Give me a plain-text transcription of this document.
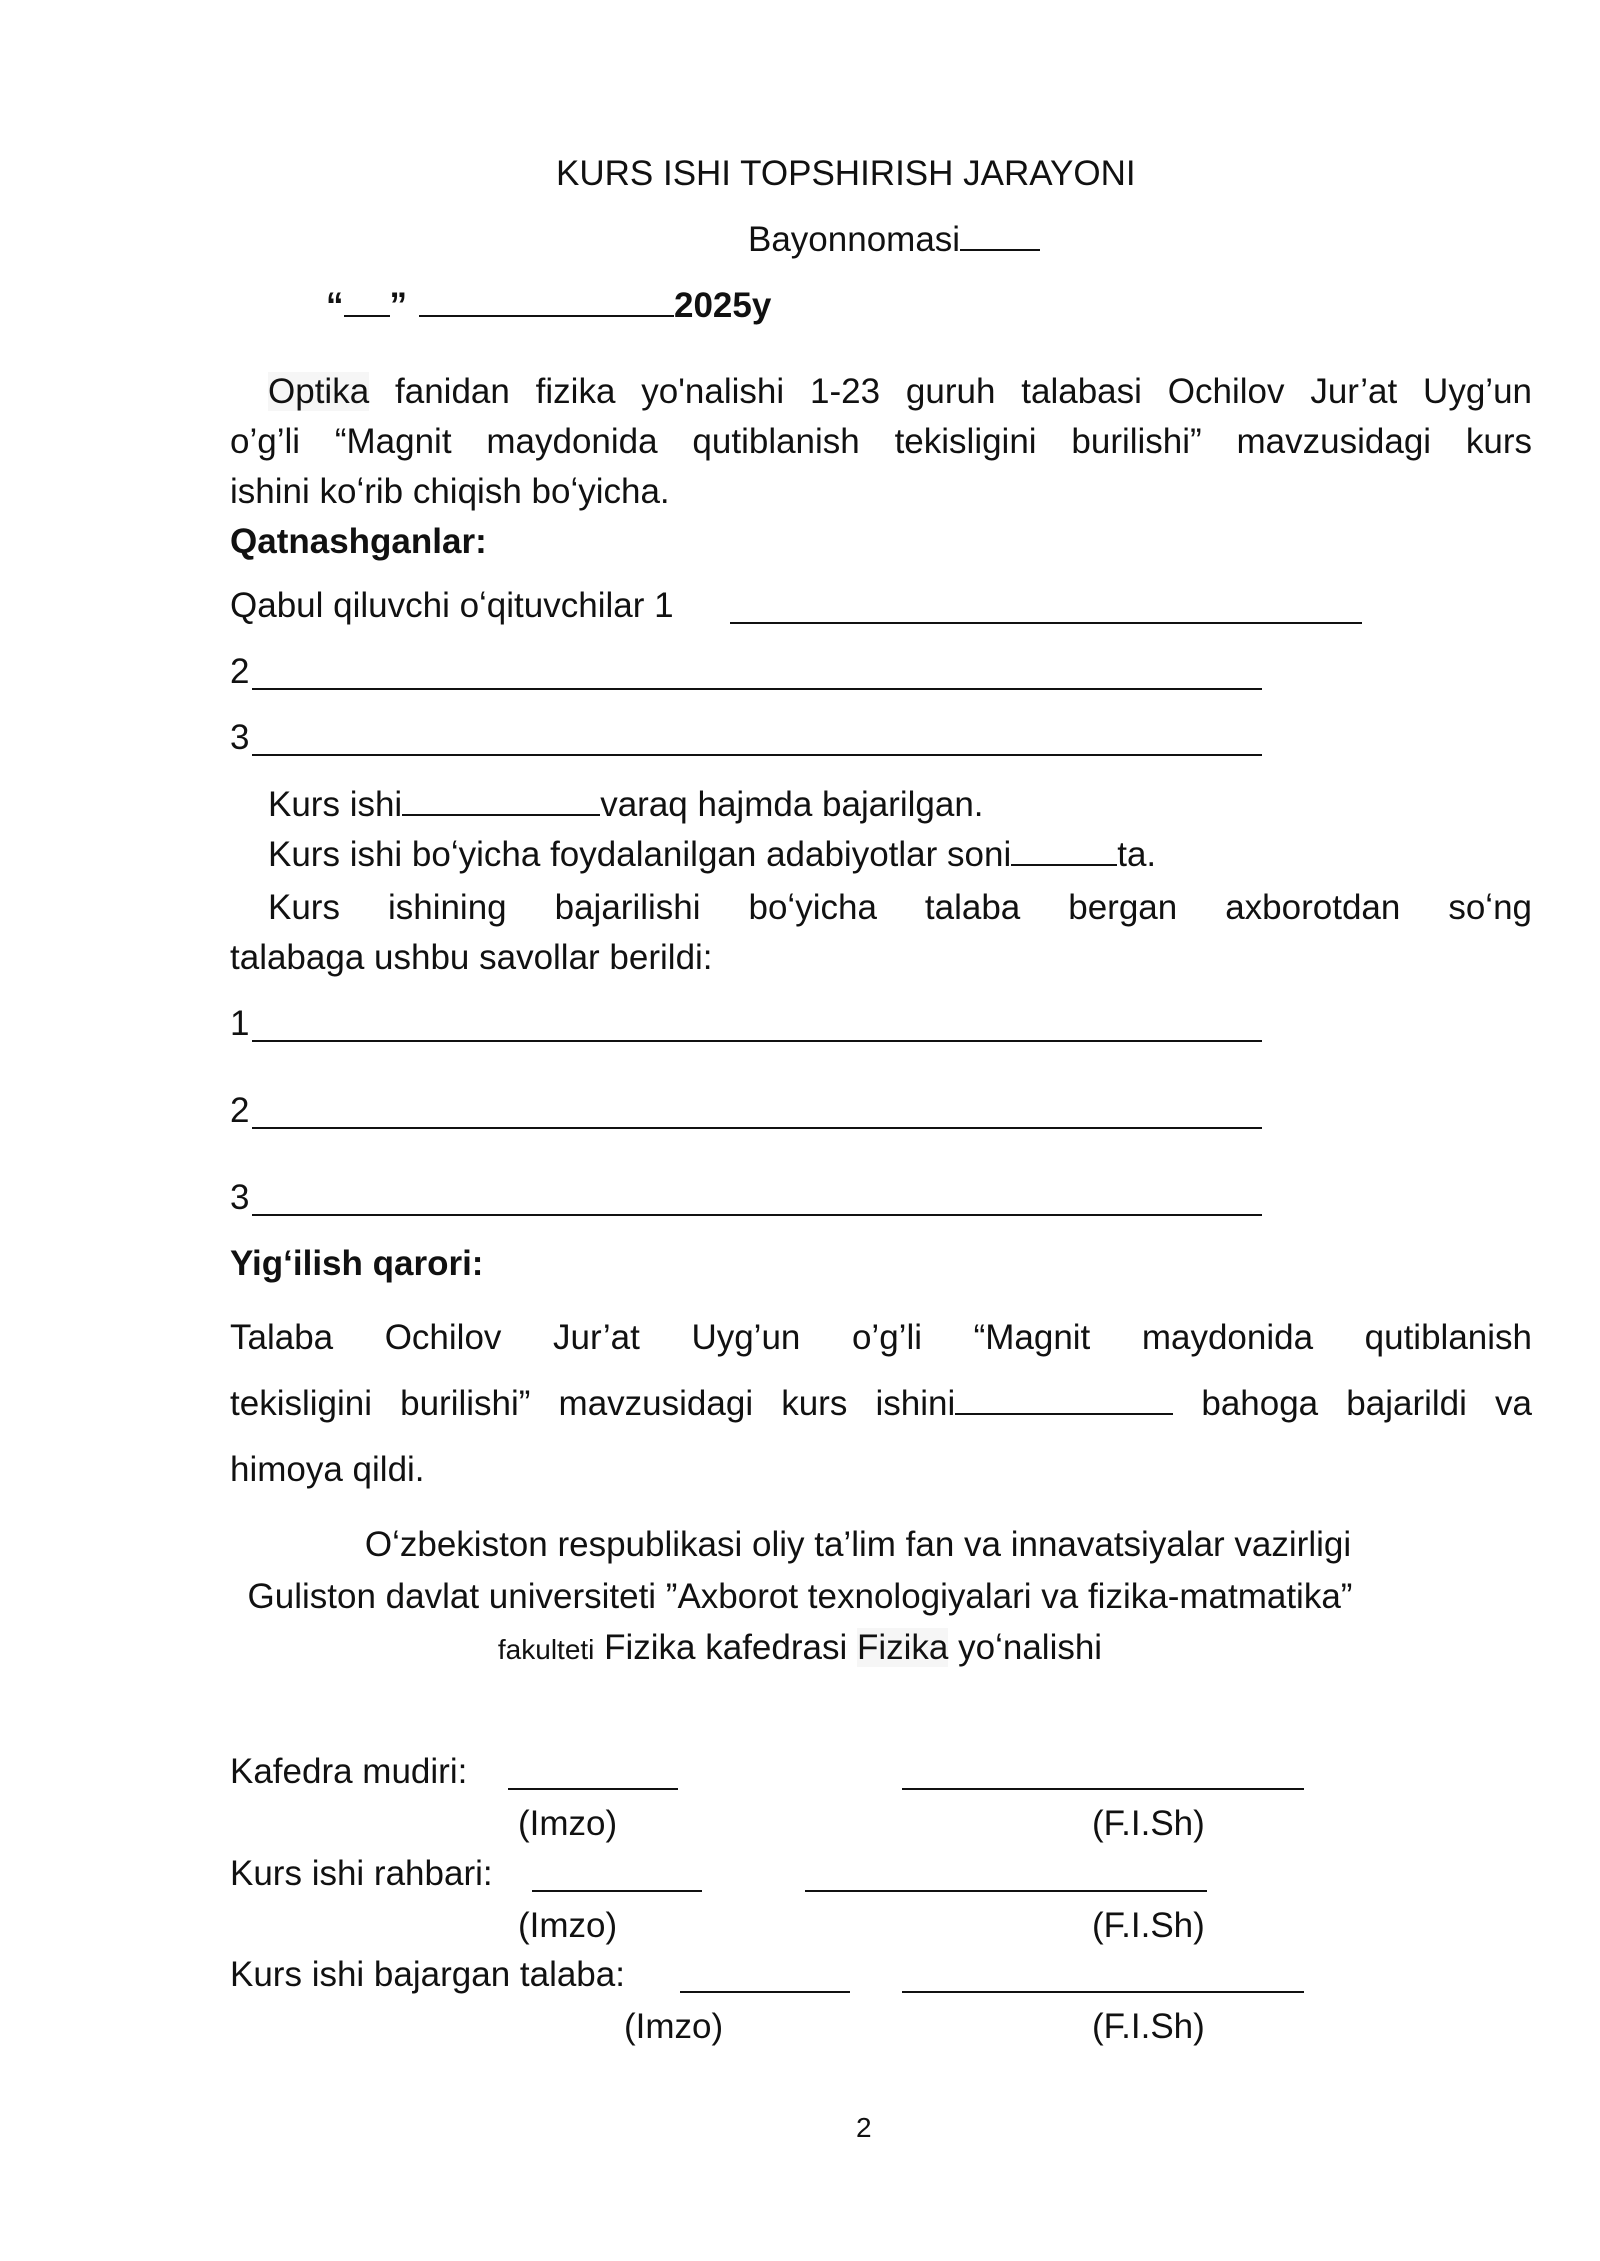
KURS ISHI TOPSHIRISH JARAYONI
Bayonnomasi
“ ”	2025y
Optika fanidan fizika yo'nalishi 1-23 guruh talabasi Ochilov Jur’at Uyg’un
o’g’li “Magnit maydonida qutiblanish tekisligini burilishi” mavzusidagi kurs
ishini koʻrib chiqish boʻyicha.
Qatnashganlar:
Qabul qiluvchi oʻqituvchilar 1
2
3
Kurs ishi	varaq hajmda bajarilgan.
Kurs ishi boʻyicha foydalanilgan adabiyotlar soni	ta.
Kurs ishining bajarilishi boʻyicha talaba bergan axborotdan soʻng
talabaga ushbu savollar berildi:
1
2
3
Yigʻilish qarori:
Talaba Ochilov Jur’at Uyg’un o’g’li “Magnit maydonida qutiblanish
tekisligini burilishi” mavzusidagi kurs ishini	bahoga bajarildi va
himoya qildi.
Oʻzbekiston respublikasi oliy ta’lim fan va innavatsiyalar vazirligi
Guliston davlat universiteti ”Axborot texnologiyalari va fizika-matmatika”
fakulteti Fizika kafedrasi Fizika yoʻnalishi
Kafedra mudiri:
(Imzo)	(F.I.Sh)
Kurs ishi rahbari:
(Imzo)	(F.I.Sh)
Kurs ishi bajargan talaba:
(Imzo)	(F.I.Sh)
2
